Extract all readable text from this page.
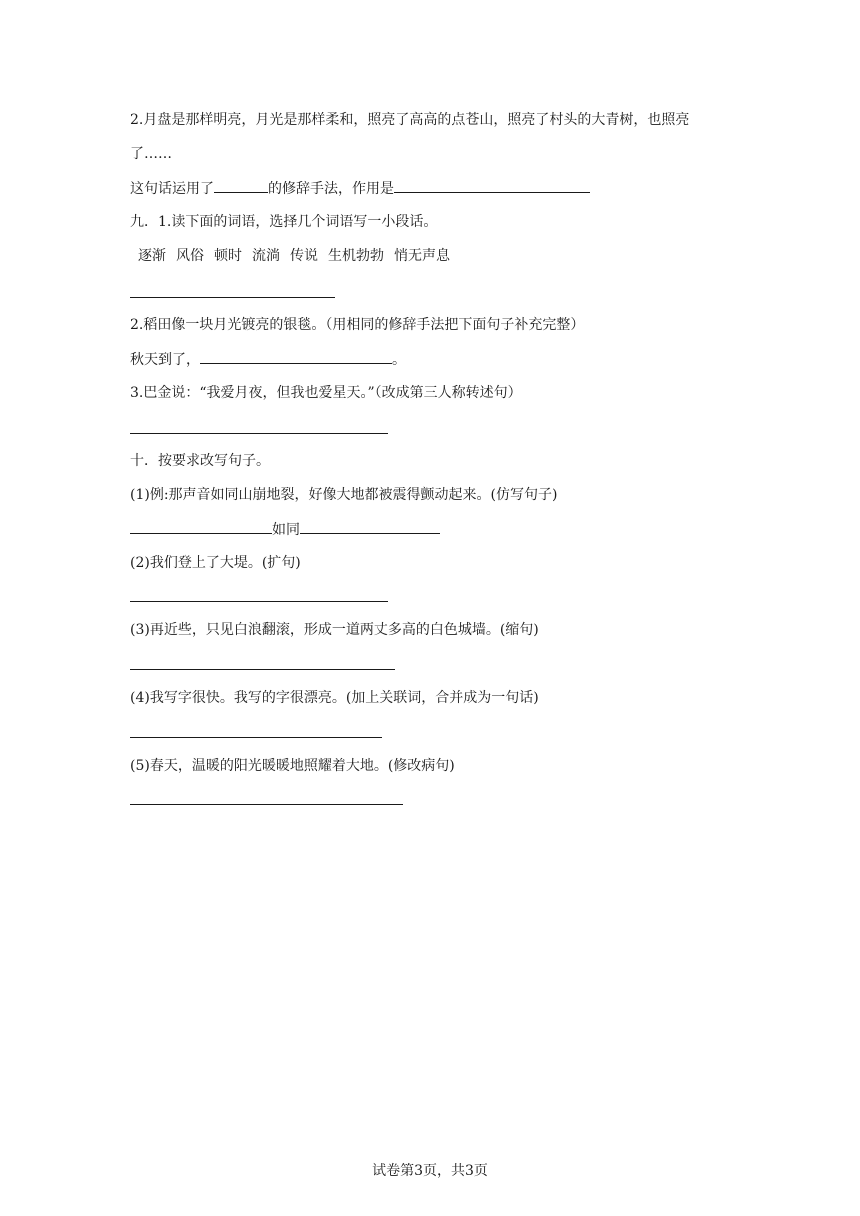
2.月盘是那样明亮，月光是那样柔和，照亮了高高的点苍山，照亮了村头的大青树，也照亮
了……
这句话运用了	的修辞手法，作用是
九．1.读下面的词语，选择几个词语写一小段话。
逐渐 风俗 顿时 流淌 传说 生机勃勃 悄无声息
2.稻田像一块月光镀亮的银毯。（用相同的修辞手法把下面句子补充完整）
秋天到了，	。
3.巴金说：“我爱月夜，但我也爱星天。”（改成第三人称转述句）
十．按要求改写句子。
(1)例:那声音如同山崩地裂，好像大地都被震得颤动起来。(仿写句子)
如同
(2)我们登上了大堤。(扩句)
(3)再近些，只见白浪翻滚，形成一道两丈多高的白色城墙。(缩句)
(4)我写字很快。我写的字很漂亮。(加上关联词，合并成为一句话)
(5)春天，温暖的阳光暖暖地照耀着大地。(修改病句)
试卷第3页，共3页
